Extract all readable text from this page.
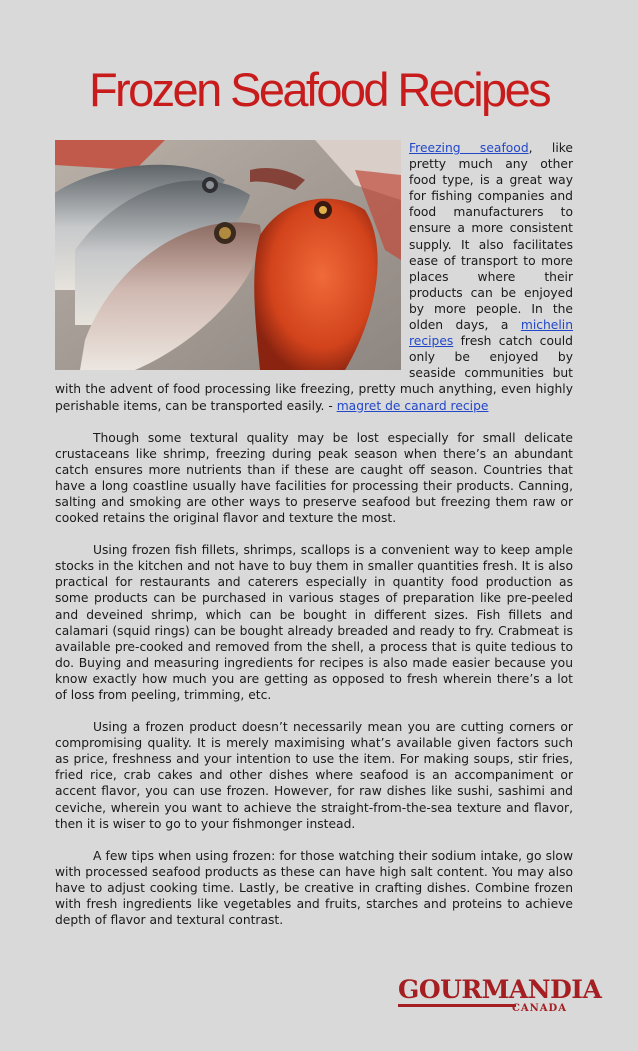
Frozen Seafood Recipes

Freezing seafood, like pretty much any other food type, is a great way for fishing companies and food manufacturers to ensure a more consistent supply. It also facilitates ease of transport to more places where their products can be enjoyed by more people. In the olden days, a michelin recipes fresh catch could only be enjoyed by seaside communities but with the advent of food processing like freezing, pretty much anything, even highly perishable items, can be transported easily. - magret de canard recipe

Though some textural quality may be lost especially for small delicate crustaceans like shrimp, freezing during peak season when there’s an abundant catch ensures more nutrients than if these are caught off season. Countries that have a long coastline usually have facilities for processing their products. Canning, salting and smoking are other ways to preserve seafood but freezing them raw or cooked retains the original flavor and texture the most.

Using frozen fish fillets, shrimps, scallops is a convenient way to keep ample stocks in the kitchen and not have to buy them in smaller quantities fresh. It is also practical for restaurants and caterers especially in quantity food production as some products can be purchased in various stages of preparation like pre-peeled and deveined shrimp, which can be bought in different sizes. Fish fillets and calamari (squid rings) can be bought already breaded and ready to fry. Crabmeat is available pre-cooked and removed from the shell, a process that is quite tedious to do. Buying and measuring ingredients for recipes is also made easier because you know exactly how much you are getting as opposed to fresh wherein there’s a lot of loss from peeling, trimming, etc.

Using a frozen product doesn’t necessarily mean you are cutting corners or compromising quality. It is merely maximising what’s available given factors such as price, freshness and your intention to use the item. For making soups, stir fries, fried rice, crab cakes and other dishes where seafood is an accompaniment or accent flavor, you can use frozen. However, for raw dishes like sushi, sashimi and ceviche, wherein you want to achieve the straight-from-the-sea texture and flavor, then it is wiser to go to your fishmonger instead.

A few tips when using frozen: for those watching their sodium intake, go slow with processed seafood products as these can have high salt content. You may also have to adjust cooking time. Lastly, be creative in crafting dishes. Combine frozen with fresh ingredients like vegetables and fruits, starches and proteins to achieve depth of flavor and textural contrast.

GOURMANDIA
CANADA
